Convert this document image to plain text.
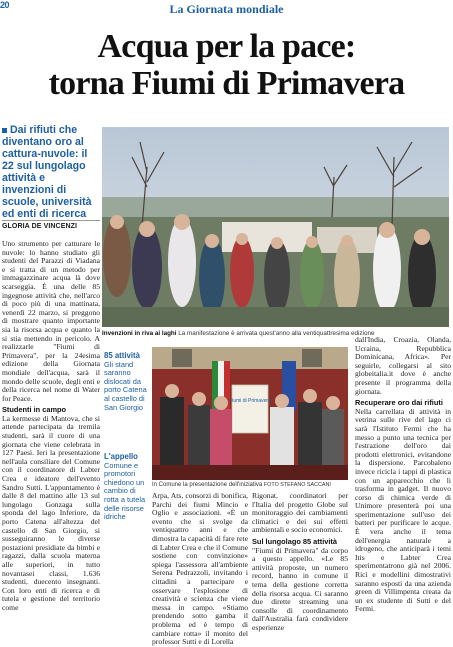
20	La Giornata mondiale
Acqua per la pace:
torna Fiumi di Primavera
Dai rifiuti che diventano oro al cattura-nuvole: il 22 sul lungolago attività e invenzioni di scuole, università ed enti di ricerca
GLORIA DE VINCENZI

Uno strumento per catturare le nuvole: lo hanno studiato gli studenti del Parazzi di Viadana e si tratta di un metodo per immagazzinare acqua là dove scarseggia. È una delle 85 ingegnose attività che, nell'arco di poco più di una mattinata, venerdì 22 marzo, si preggono di mostrare quanto importante sia la risorsa acqua e quanto la si stia mettendo in pericolo. A realizzarle "Fiumi di Primavera", per la 24esima edizione della Giornata mondiale dell'acqua, sarà il mondo delle scuole, degli enti e della ricerca nel nome di Water for Peace.

Studenti in campo

La kermesse di Mantova, che si attende partecipata da tremila studenti, sarà il cuore di una giornata che viene celebrata in 127 Paesi. Ieri la presentazione nell'aula consiliare del Comune con il coordinatore di Labter Crea e ideatore dell'evento Sandro Sutti. L'appuntamento è dalle 8 del mattino alle 13 sul lungolago Gonzaga sulla sponda del lago Inferiore, da porto Catena all'altezza del castello di San Giorgio, si susseguiranno le diverse postazioni presidiate da bimbi e ragazzi, dalla scuola materna alle superiori, in tutto novantasei classi, 1.636 studenti, duecento insegnanti. Con loro enti di ricerca e di tutela e gestione del territorio come

Invenzioni in riva ai laghi La manifestazione è arrivata quest'anno alla ventiquattresima edizione
85 attività
Gli stand saranno dislocati da porto Catena al castello di San Giorgio
L'appello
Comune e promotori chiedono un cambio di rotta a tutela delle risorse idriche
Fiumi di Primavera
In Comune la presentazione dell'iniziativa FOTO STEFANO SACCANI
Arpa, Ats, consorzi di bonifica, Parchi dei fiumi Mincio e Oglio e associazioni. «È un evento che si svolge da ventiquattro anni e che dimostra la capacità di fare rete di Labter Crea e che il Comune sostiene con convinzione» spiega l'assessora all'ambiente Serena Pedrazzoli, invitando i cittadini a partecipare e osservare l'esplosione di creatività e scienza che viene messa in campo. «Stiamo prendendo sotto gamba il problema ed è tempo di cambiare rotta» il monito del professor Sutti e di Lorella
Rigonat, coordinatori per l'Italia del progetto Globe sul monitoraggio dei cambiamenti climatici e dei sui effetti ambientali e socio economici.
Sul lungolago 85 attività
"Fiumi di Primavera" da corpo a questo appello. «Le 85 attività proposte, un numero record, hanno in comune il tema della gestione corretta della risorsa acqua. Ci saranno due dirette streaming una consolle di coordinamento dall'Australia farà condividere esperienze
dall'India, Croazia, Olanda, Ucraina, Repubblica Dominicana, Africa». Per seguirle, collegarsi al sito globeitalia.it dove è anche presente il programma della giornata.
Recuperare oro dai rifiuti
Nella carrellata di attività in vetrina sulle rive del lago ci sarà l'Istituto Fermi che ha messo a punto una tecnica per l'estrazione dell'oro dai prodotti elettronici, evitandone la dispersione. Parcobaleno invece riciclа i tappi di plastica con un apparecchio che li trasforma in gadget. Il nuovo corso di chimica verde di Unimore presenterà poi una sperimentazione sull'uso dei batteri per purificare le acque. È vera anche il tema dell'energia naturale a idrogeno, che anticiparà i temi Itis e Labter Crea sperimentatrono già nel 2006. Ricì e modellini dimostrativi saranno esposti da una azienda green di Villimpenta creata da un ex studente di Sutti e del Fermi.
